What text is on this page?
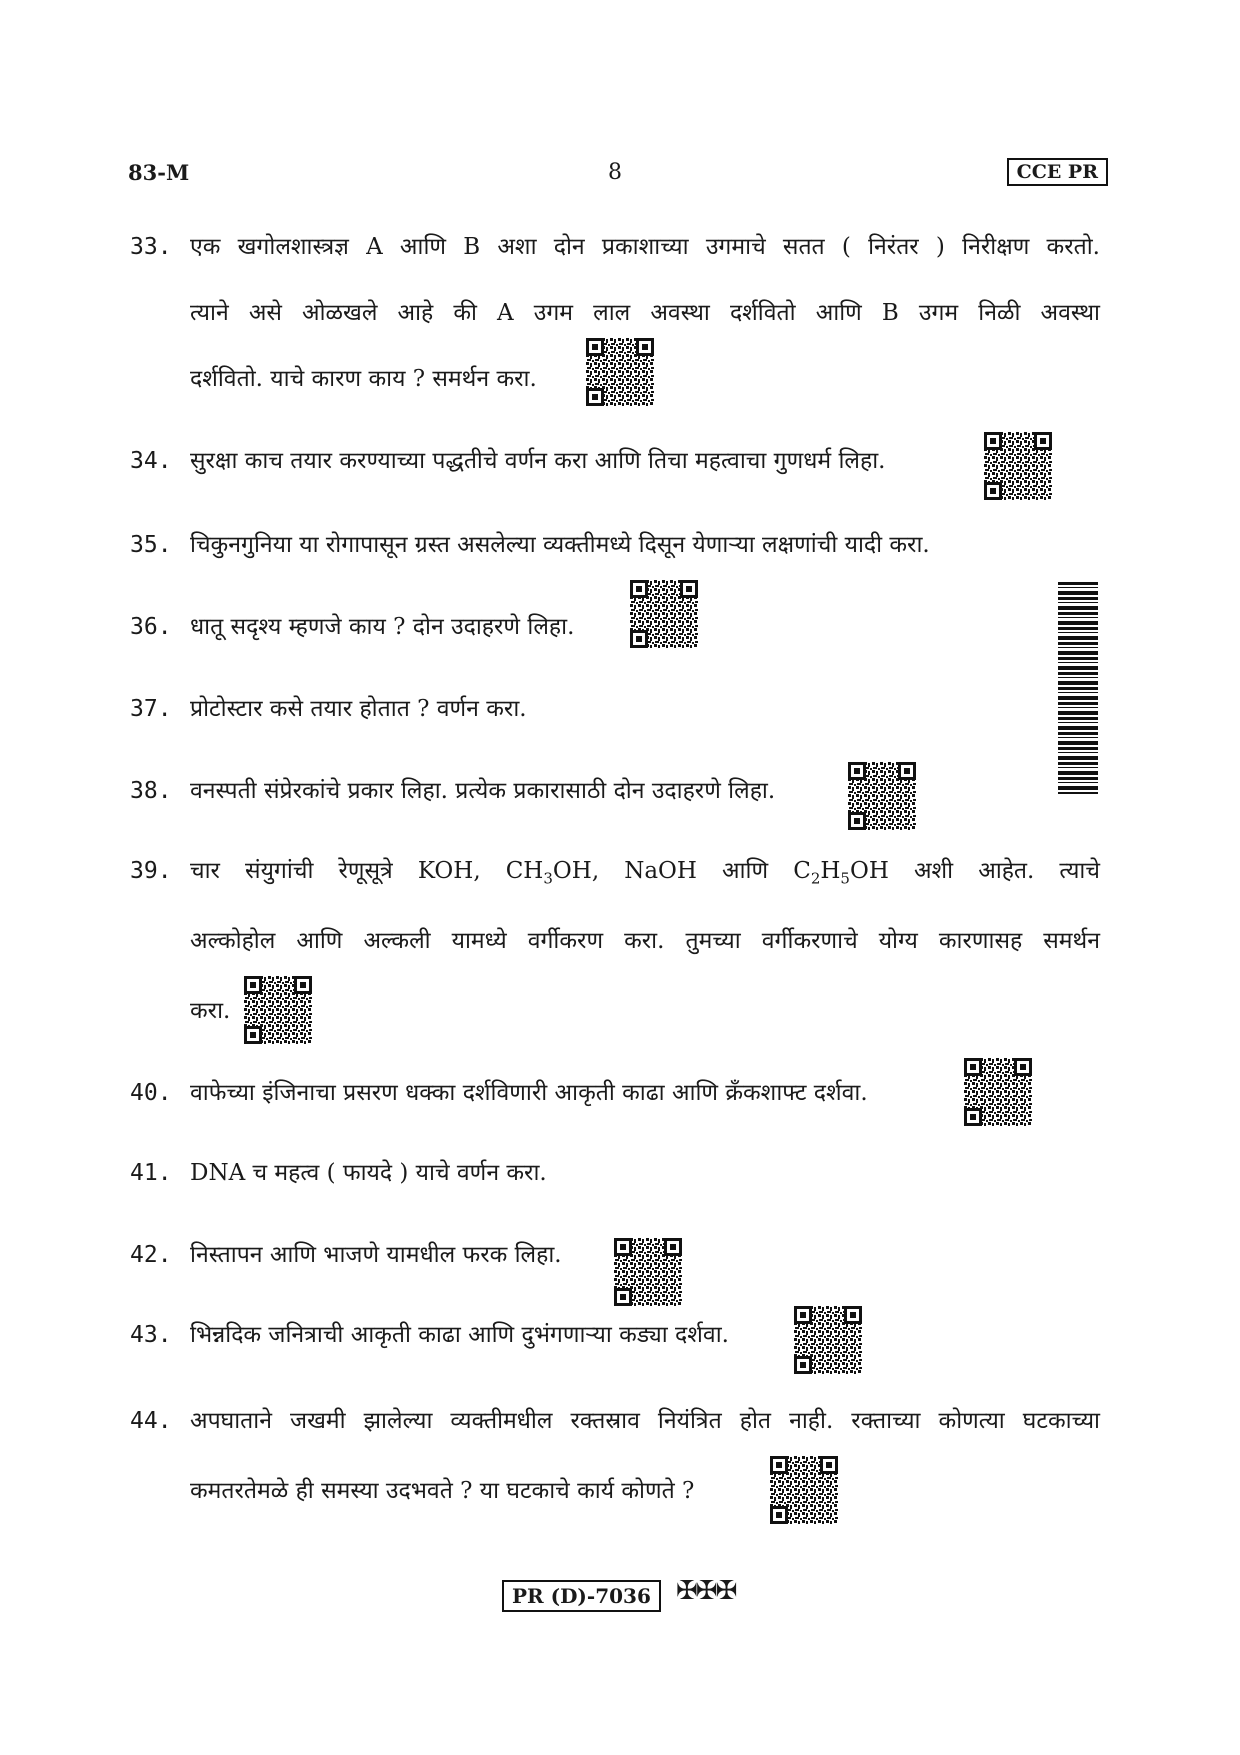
83-M	8	CCE PR
33. एक खगोलशास्त्रज्ञ A आणि B अशा दोन प्रकाशाच्या उगमाचे सतत ( निरंतर ) निरीक्षण करतो.
त्याने असे ओळखले आहे की A उगम लाल अवस्था दर्शवितो आणि B उगम निळी अवस्था
दर्शवितो. याचे कारण काय ? समर्थन करा.
34. सुरक्षा काच तयार करण्याच्या पद्धतीचे वर्णन करा आणि तिचा महत्वाचा गुणधर्म लिहा.
35. चिकुनगुनिया या रोगापासून ग्रस्त असलेल्या व्यक्तीमध्ये दिसून येणाऱ्या लक्षणांची यादी करा.
36. धातू सदृश्य म्हणजे काय ? दोन उदाहरणे लिहा.
37. प्रोटोस्टार कसे तयार होतात ? वर्णन करा.
38. वनस्पती संप्रेरकांचे प्रकार लिहा. प्रत्येक प्रकारासाठी दोन उदाहरणे लिहा.
39. चार संयुगांची रेणूसूत्रे KOH, $CH_3OH$, NaOH आणि $C_2H_5OH$ अशी आहेत. त्याचे
अल्कोहोल आणि अल्कली यामध्ये वर्गीकरण करा. तुमच्या वर्गीकरणाचे योग्य कारणासह समर्थन
करा.
40. वाफेच्या इंजिनाचा प्रसरण धक्का दर्शविणारी आकृती काढा आणि क्रँकशाफ्ट दर्शवा.
41. DNA च महत्व ( फायदे ) याचे वर्णन करा.
42. निस्तापन आणि भाजणे यामधील फरक लिहा.
43. भिन्नदिक जनित्राची आकृती काढा आणि दुभंगणाऱ्या कड्या दर्शवा.
44. अपघाताने जखमी झालेल्या व्यक्तीमधील रक्तस्राव नियंत्रित होत नाही. रक्ताच्या कोणत्या घटकाच्या
कमतरतेमळे ही समस्या उदभवते ? या घटकाचे कार्य कोणते ?
PR (D)-7036 ✠✠✠
